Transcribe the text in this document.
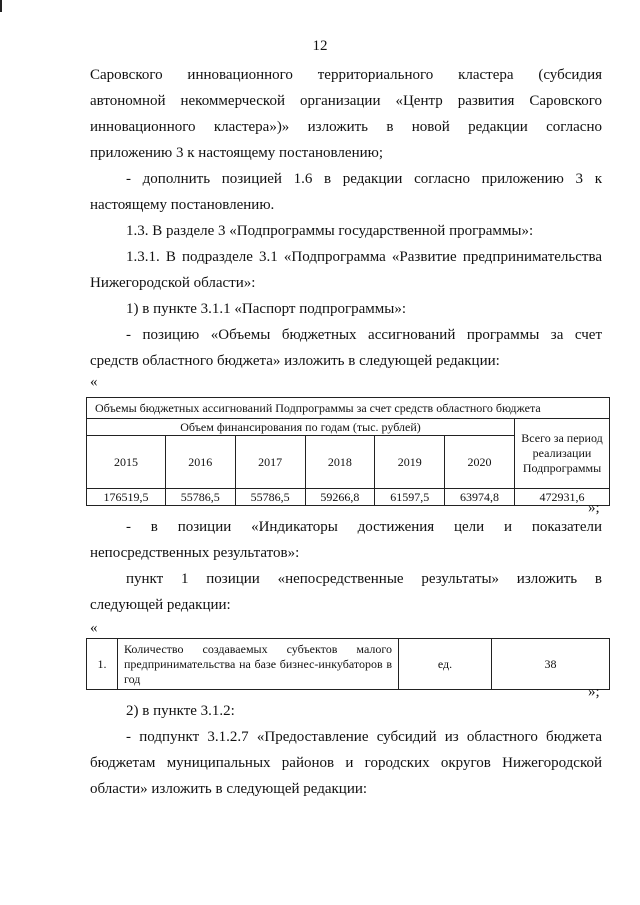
12

Саровского инновационного территориального кластера (субсидия

автономной некоммерческой организации «Центр развития Саровского

инновационного кластера»)» изложить в новой редакции согласно

приложению 3 к настоящему постановлению;

- дополнить позицией 1.6 в редакции согласно приложению 3 к

настоящему постановлению.

1.3. В разделе 3 «Подпрограммы государственной программы»:

1.3.1. В подразделе 3.1 «Подпрограмма «Развитие предпринимательства

Нижегородской области»:

1) в пункте 3.1.1 «Паспорт подпрограммы»:

- позицию «Объемы бюджетных ассигнований программы за счет

средств областного бюджета» изложить в следующей редакции:

«
Объемы бюджетных ассигнований Подпрограммы за счет средств областного бюджета						
Объем финансирования по годам (тыс. рублей)						Всего за период реализации Подпрограммы
2015	2016	2017	2018	2019	2020	
176519,5	55786,5	55786,5	59266,8	61597,5	63974,8	472931,6
»;

- в позиции «Индикаторы достижения цели и показатели

непосредственных результатов»:

пункт 1 позиции «непосредственные результаты» изложить в

следующей редакции:

«
1.	Количество создаваемых субъектов малого предпринимательства на базе бизнес-инкубаторов в год	ед.	38
»;

2) в пункте 3.1.2:

- подпункт 3.1.2.7 «Предоставление субсидий из областного бюджета

бюджетам муниципальных районов и городских округов Нижегородской

области» изложить в следующей редакции:
